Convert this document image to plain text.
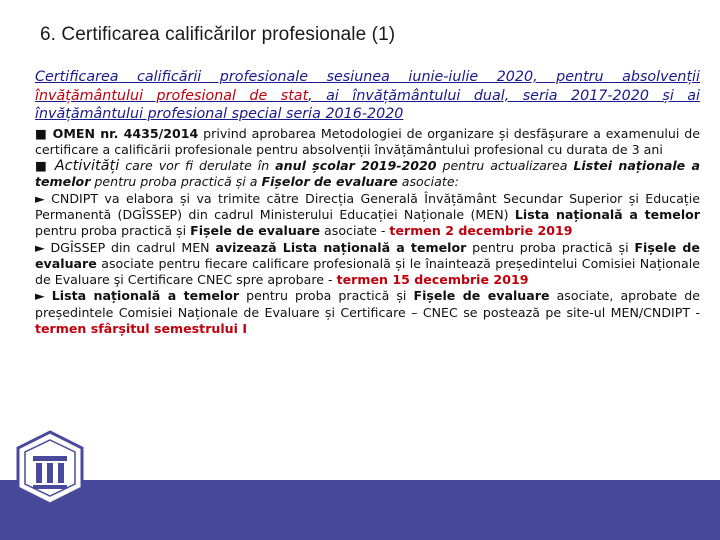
6. Certificarea calificărilor profesionale (1)

Certificarea calificării profesionale sesiunea iunie-iulie 2020, pentru absolvenții învățământului profesional de stat, ai învățământului dual, seria 2017-2020 și ai învățământului profesional special seria 2016-2020

■ OMEN nr. 4435/2014 privind aprobarea Metodologiei de organizare și desfășurare a examenului de certificare a calificării profesionale pentru absolvenții învățământului profesional cu durata de 3 ani

■ Activități care vor fi derulate în anul școlar 2019-2020 pentru actualizarea Listei naționale a temelor pentru proba practică și a Fișelor de evaluare asociate:

► CNDIPT va elabora și va trimite către Direcția Generală Învățământ Secundar Superior și Educație Permanentă (DGÎSSEP) din cadrul Ministerului Educației Naționale (MEN) Lista națională a temelor pentru proba practică și Fișele de evaluare asociate - termen 2 decembrie 2019

► DGÎSSEP din cadrul MEN avizează Lista națională a temelor pentru proba practică și Fișele de evaluare asociate pentru fiecare calificare profesională și le înaintează președintelui Comisiei Naționale de Evaluare şi Certificare CNEC spre aprobare - termen 15 decembrie 2019

► Lista națională a temelor pentru proba practică și Fișele de evaluare asociate, aprobate de președintele Comisiei Naționale de Evaluare și Certificare – CNEC se postează pe site-ul MEN/CNDIPT - termen sfârșitul semestrului I
